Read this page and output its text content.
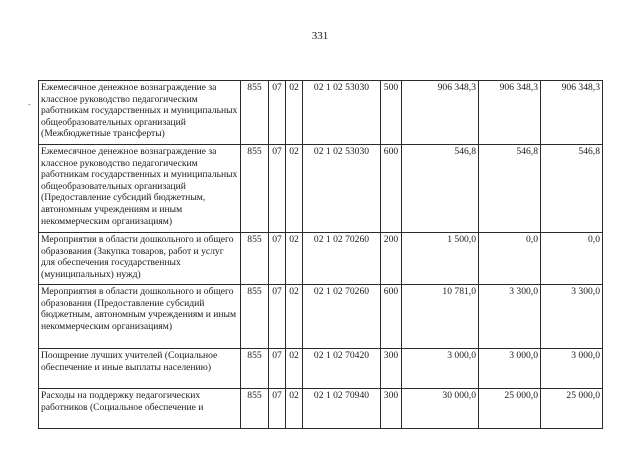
331
-
Ежемесячное денежное вознаграждение за классное руководство педагогическим работникам государственных и муниципальных общеобразовательных организаций (Межбюджетные трансферты)	855	07	02	02 1 02 53030	500	906 348,3	906 348,3	906 348,3
Ежемесячное денежное вознаграждение за классное руководство педагогическим работникам государственных и муниципальных общеобразовательных организаций (Предоставление субсидий бюджетным, автономным учреждениям и иным некоммерческим организациям)	855	07	02	02 1 02 53030	600	546,8	546,8	546,8
Мероприятия в области дошкольного и общего образования (Закупка товаров, работ и услуг для обеспечения государственных (муниципальных) нужд)	855	07	02	02 1 02 70260	200	1 500,0	0,0	0,0
Мероприятия в области дошкольного и общего образования (Предоставление субсидий бюджетным, автономным учреждениям и иным некоммерческим организациям)	855	07	02	02 1 02 70260	600	10 781,0	3 300,0	3 300,0
Поощрение лучших учителей (Социальное обеспечение и иные выплаты населению)	855	07	02	02 1 02 70420	300	3 000,0	3 000,0	3 000,0
Расходы на поддержку педагогических работников (Социальное обеспечение и	855	07	02	02 1 02 70940	300	30 000,0	25 000,0	25 000,0
